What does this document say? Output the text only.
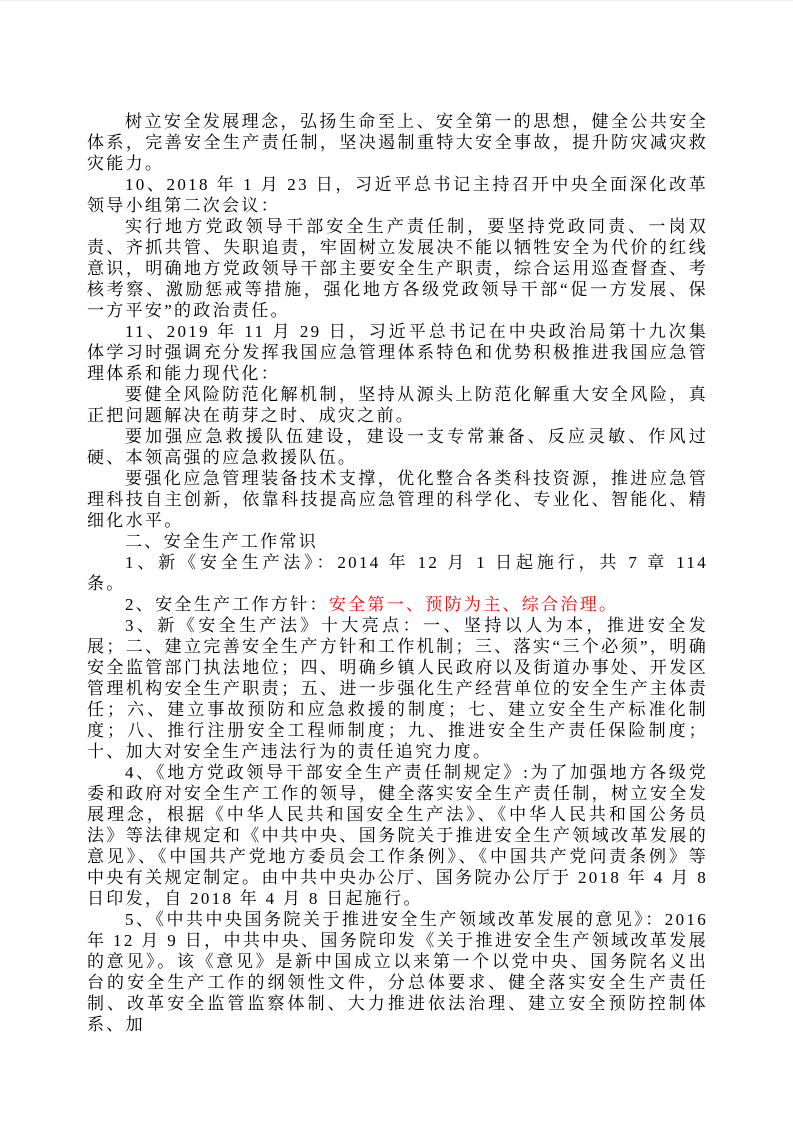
树立安全发展理念，弘扬生命至上、安全第一的思想，健全公共安全体系，完善安全生产责任制，坚决遏制重特大安全事故，提升防灾减灾救灾能力。

10、2018 年 1 月 23 日，习近平总书记主持召开中央全面深化改革领导小组第二次会议：

实行地方党政领导干部安全生产责任制，要坚持党政同责、一岗双责、齐抓共管、失职追责，牢固树立发展决不能以牺牲安全为代价的红线意识，明确地方党政领导干部主要安全生产职责，综合运用巡查督查、考核考察、激励惩戒等措施，强化地方各级党政领导干部“促一方发展、保一方平安”的政治责任。

11、2019 年 11 月 29 日，习近平总书记在中央政治局第十九次集体学习时强调充分发挥我国应急管理体系特色和优势积极推进我国应急管理体系和能力现代化：

要健全风险防范化解机制，坚持从源头上防范化解重大安全风险，真正把问题解决在萌芽之时、成灾之前。

要加强应急救援队伍建设，建设一支专常兼备、反应灵敏、作风过硬、本领高强的应急救援队伍。

要强化应急管理装备技术支撑，优化整合各类科技资源，推进应急管理科技自主创新，依靠科技提高应急管理的科学化、专业化、智能化、精细化水平。

二、安全生产工作常识

1、新《安全生产法》：2014 年 12 月 1 日起施行，共 7 章 114 条。

2、安全生产工作方针：安全第一、预防为主、综合治理。

3、新《安全生产法》十大亮点：一、坚持以人为本，推进安全发展；二、建立完善安全生产方针和工作机制；三、落实“三个必须”，明确安全监管部门执法地位；四、明确乡镇人民政府以及街道办事处、开发区管理机构安全生产职责；五、进一步强化生产经营单位的安全生产主体责任；六、建立事故预防和应急救援的制度；七、建立安全生产标准化制度；八、推行注册安全工程师制度；九、推进安全生产责任保险制度；十、加大对安全生产违法行为的责任追究力度。

4、《地方党政领导干部安全生产责任制规定》:为了加强地方各级党委和政府对安全生产工作的领导，健全落实安全生产责任制，树立安全发展理念，根据《中华人民共和国安全生产法》、《中华人民共和国公务员法》等法律规定和《中共中央、国务院关于推进安全生产领域改革发展的意见》、《中国共产党地方委员会工作条例》、《中国共产党问责条例》等中央有关规定制定。由中共中央办公厅、国务院办公厅于 2018 年 4 月 8 日印发，自 2018 年 4 月 8 日起施行。

5、《中共中央国务院关于推进安全生产领域改革发展的意见》：2016 年 12 月 9 日，中共中央、国务院印发《关于推进安全生产领域改革发展的意见》。该《意见》是新中国成立以来第一个以党中央、国务院名义出台的安全生产工作的纲领性文件，分总体要求、健全落实安全生产责任制、改革安全监管监察体制、大力推进依法治理、建立安全预防控制体系、加
